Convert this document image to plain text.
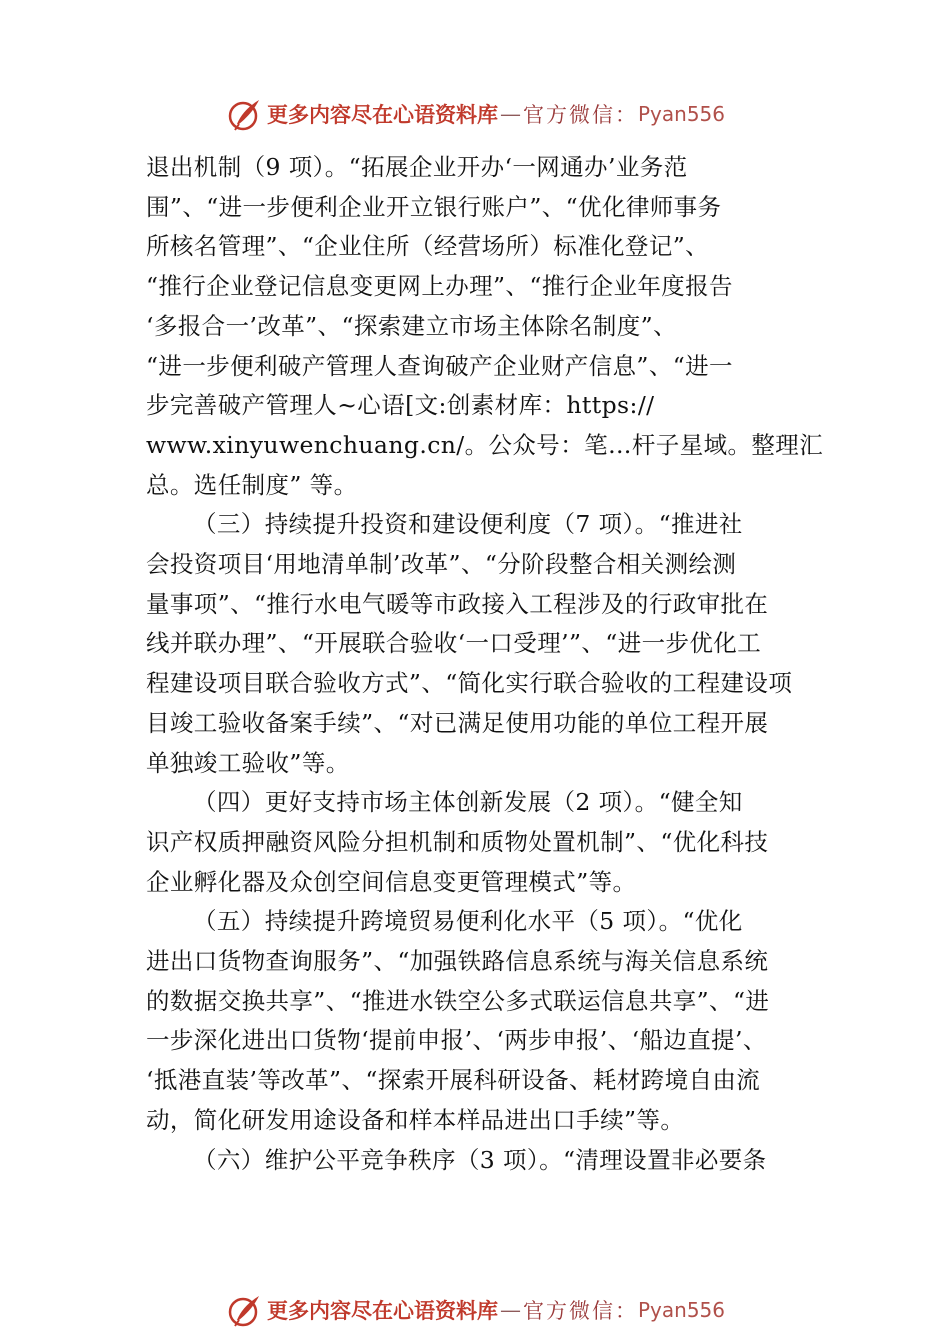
更多内容尽在心语资料库 — 官方微信： Pyan556
退出机制（9 项）。“拓展企业开办‘一网通办’业务范
围”、“进一步便利企业开立银行账户”、“优化律师事务
所核名管理”、“企业住所（经营场所）标准化登记”、
“推行企业登记信息变更网上办理”、“推行企业年度报告
‘多报合一’改革”、“探索建立市场主体除名制度”、
“进一步便利破产管理人查询破产企业财产信息”、“进一
步完善破产管理人~心语[文:创素材库：https://
www.xinyuwenchuang.cn/。公众号：笔…杆子星域。整理汇
总。选任制度” 等。
（三）持续提升投资和建设便利度（7 项）。“推进社
会投资项目‘用地清单制’改革”、“分阶段整合相关测绘测
量事项”、“推行水电气暖等市政接入工程涉及的行政审批在
线并联办理”、“开展联合验收‘一口受理’”、“进一步优化工
程建设项目联合验收方式”、“简化实行联合验收的工程建设项
目竣工验收备案手续”、“对已满足使用功能的单位工程开展
单独竣工验收”等。
（四）更好支持市场主体创新发展（2 项）。“健全知
识产权质押融资风险分担机制和质物处置机制”、“优化科技
企业孵化器及众创空间信息变更管理模式”等。
（五）持续提升跨境贸易便利化水平（5 项）。“优化
进出口货物查询服务”、“加强铁路信息系统与海关信息系统
的数据交换共享”、“推进水铁空公多式联运信息共享”、“进
一步深化进出口货物‘提前申报’、‘两步申报’、‘船边直提’、
‘抵港直装’等改革”、“探索开展科研设备、耗材跨境自由流
动，简化研发用途设备和样本样品进出口手续”等。
（六）维护公平竞争秩序（3 项）。“清理设置非必要条
更多内容尽在心语资料库 — 官方微信： Pyan556
